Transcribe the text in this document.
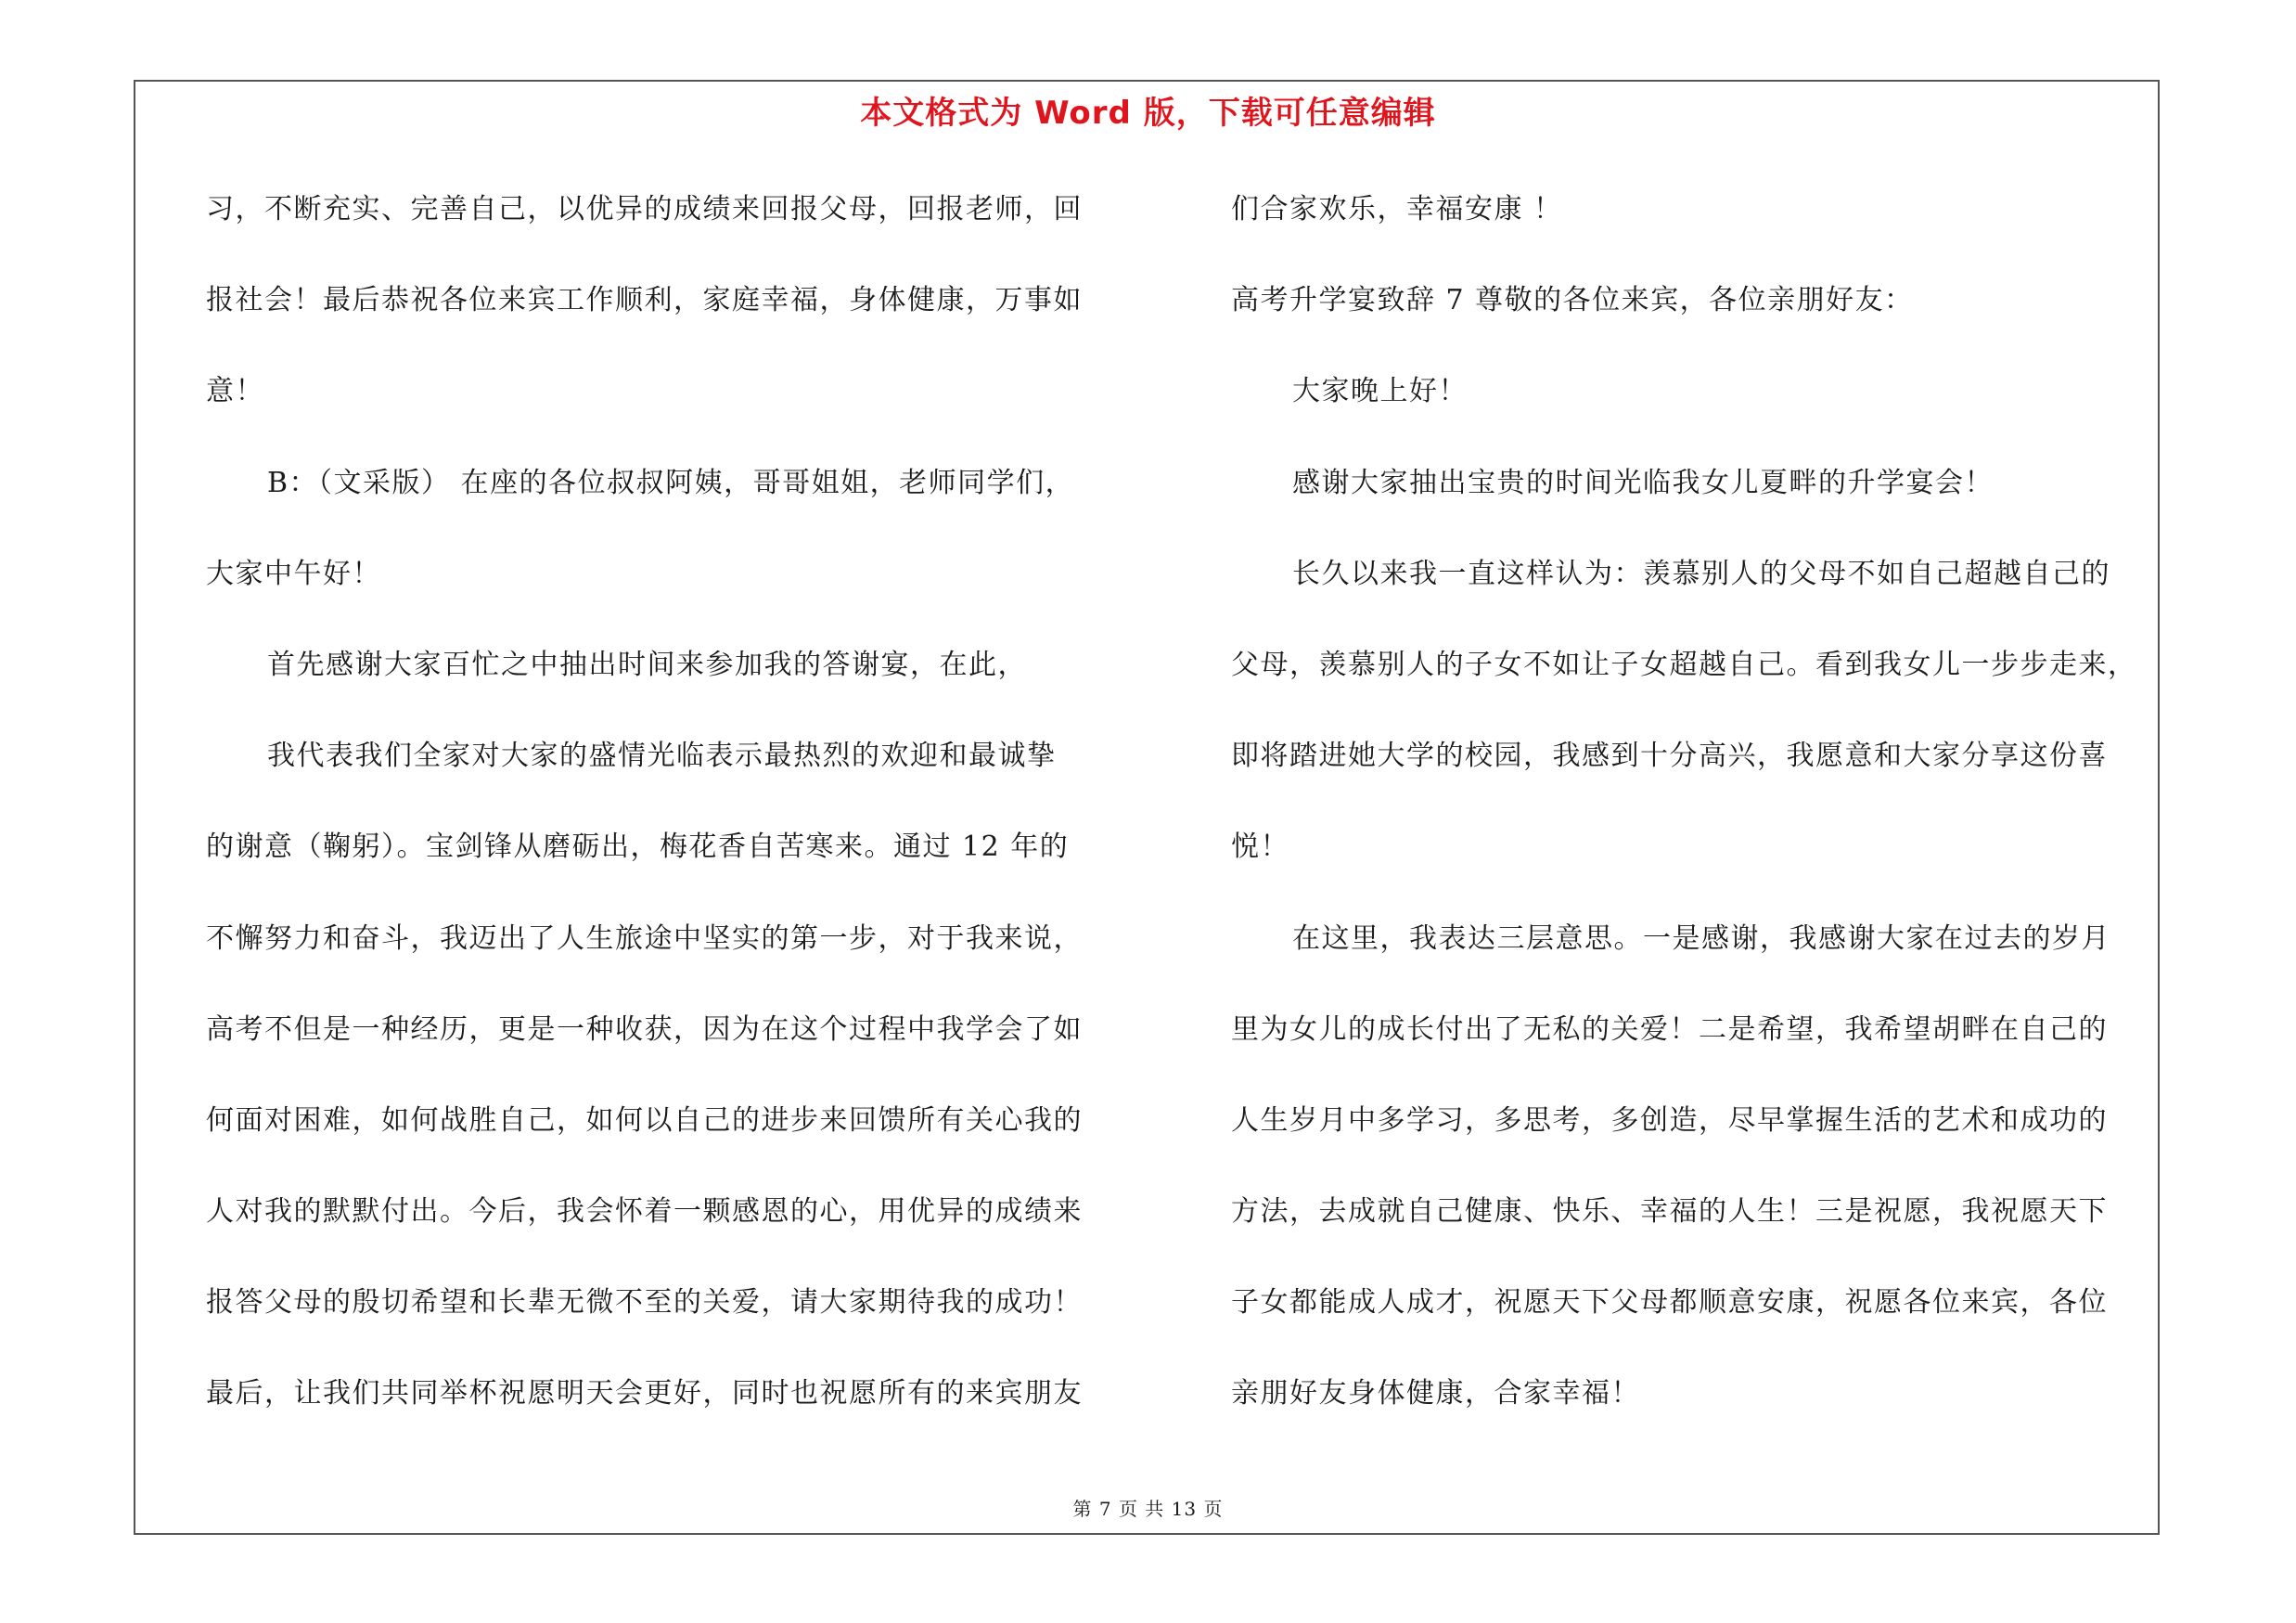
本文格式为 Word 版，下载可任意编辑
习，不断充实、完善自己，以优异的成绩来回报父母，回报老师，回
报社会！最后恭祝各位来宾工作顺利，家庭幸福，身体健康，万事如
意！
B：（文采版） 在座的各位叔叔阿姨，哥哥姐姐，老师同学们，
大家中午好！
首先感谢大家百忙之中抽出时间来参加我的答谢宴，在此，
我代表我们全家对大家的盛情光临表示最热烈的欢迎和最诚挚
的谢意（鞠躬）。宝剑锋从磨砺出，梅花香自苦寒来。通过 12 年的
不懈努力和奋斗，我迈出了人生旅途中坚实的第一步，对于我来说，
高考不但是一种经历，更是一种收获，因为在这个过程中我学会了如
何面对困难，如何战胜自己，如何以自己的进步来回馈所有关心我的
人对我的默默付出。今后，我会怀着一颗感恩的心，用优异的成绩来
报答父母的殷切希望和长辈无微不至的关爱，请大家期待我的成功！
最后，让我们共同举杯祝愿明天会更好，同时也祝愿所有的来宾朋友
们合家欢乐，幸福安康 ！
高考升学宴致辞 7 尊敬的各位来宾，各位亲朋好友：
大家晚上好！
感谢大家抽出宝贵的时间光临我女儿夏畔的升学宴会！
长久以来我一直这样认为：羡慕别人的父母不如自己超越自己的
父母，羡慕别人的子女不如让子女超越自己。看到我女儿一步步走来，
即将踏进她大学的校园，我感到十分高兴，我愿意和大家分享这份喜
悦！
在这里，我表达三层意思。一是感谢，我感谢大家在过去的岁月
里为女儿的成长付出了无私的关爱！二是希望，我希望胡畔在自己的
人生岁月中多学习，多思考，多创造，尽早掌握生活的艺术和成功的
方法，去成就自己健康、快乐、幸福的人生！三是祝愿，我祝愿天下
子女都能成人成才，祝愿天下父母都顺意安康，祝愿各位来宾，各位
亲朋好友身体健康，合家幸福！
第 7 页 共 13 页
